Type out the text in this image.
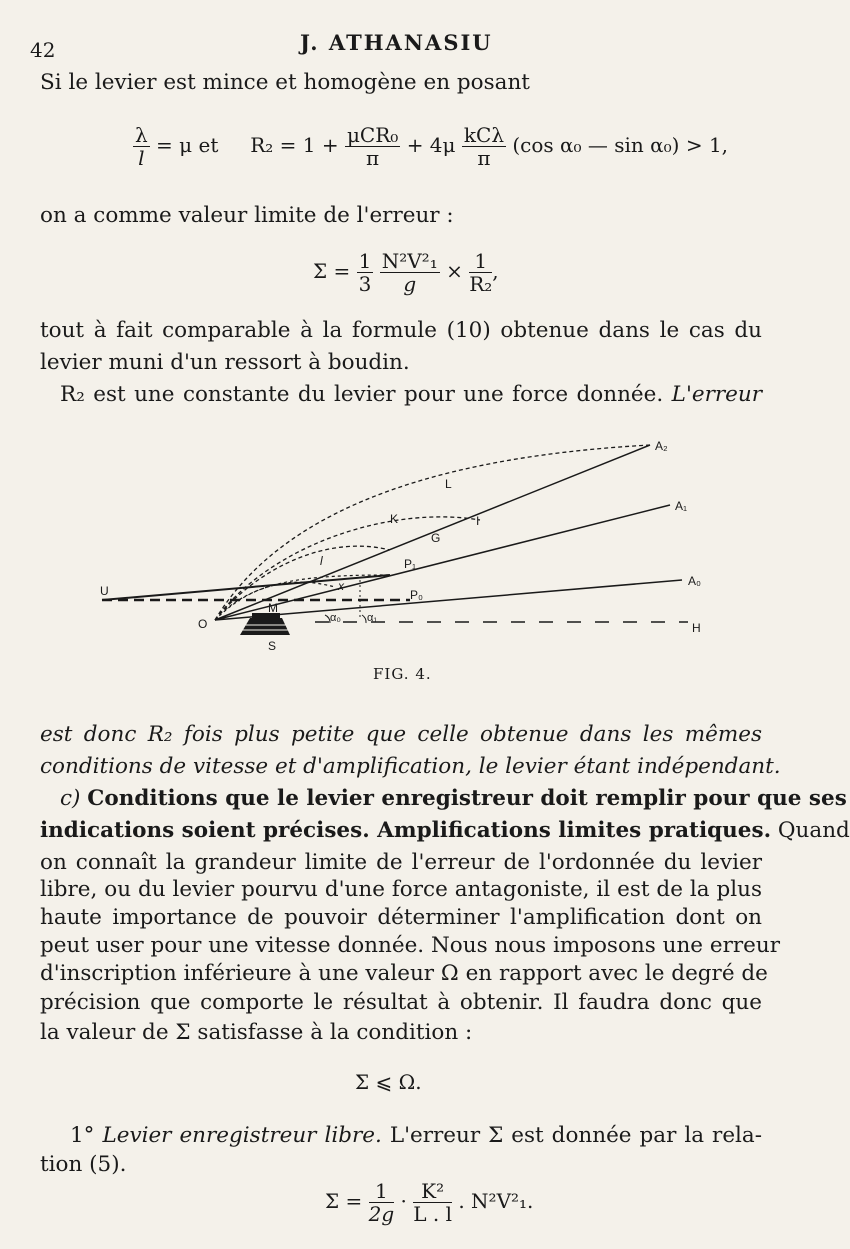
42	J. ATHANASIU
Si le levier est mince et homogène en posant
$\frac{\lambda}{l} = \mu$ et $R_2 = 1 + \frac{\text{μCR₀}}{\pi} + 4\mu \frac{\text{kCλ}}{\pi} (\cos$ α₀ — sin α₀) > 1,
on a comme valeur limite de l'erreur :
$\Sigma = \frac{1}{3}$
$\frac{\text{N²V²₁}}{g} \times \frac{1}{\text{R₂}}$ ,
tout à fait comparable à la formule (10) obtenue dans le cas du
levier muni d'un ressort à boudin.
R₂ est une constante du levier pour une force donnée. L'erreur
A₂
A₁
A₀
L
K	I
G
l	P₁
P₀
x
U
O
M
S
H
α₀ α₁
FIG. 4.
est donc R₂ fois plus petite que celle obtenue dans les mêmes
conditions de vitesse et d'amplification, le levier étant indépendant.
c) Conditions que le levier enregistreur doit remplir pour que ses
indications soient précises. Amplifications limites pratiques. Quand
on connaît la grandeur limite de l'erreur de l'ordonnée du levier
libre, ou du levier pourvu d'une force antagoniste, il est de la plus
haute importance de pouvoir déterminer l'amplification dont on
peut user pour une vitesse donnée. Nous nous imposons une erreur
d'inscription inférieure à une valeur Ω en rapport avec le degré de
précision que comporte le résultat à obtenir. Il faudra donc que
la valeur de Σ satisfasse à la condition :
Σ ⩽ Ω.
1° Levier enregistreur libre. L'erreur Σ est donnée par la rela-
tion (5).
$\Sigma = \frac{1}{2g} \cdot \frac{\text{K²}}{L . l}$ . N²V²₁.
